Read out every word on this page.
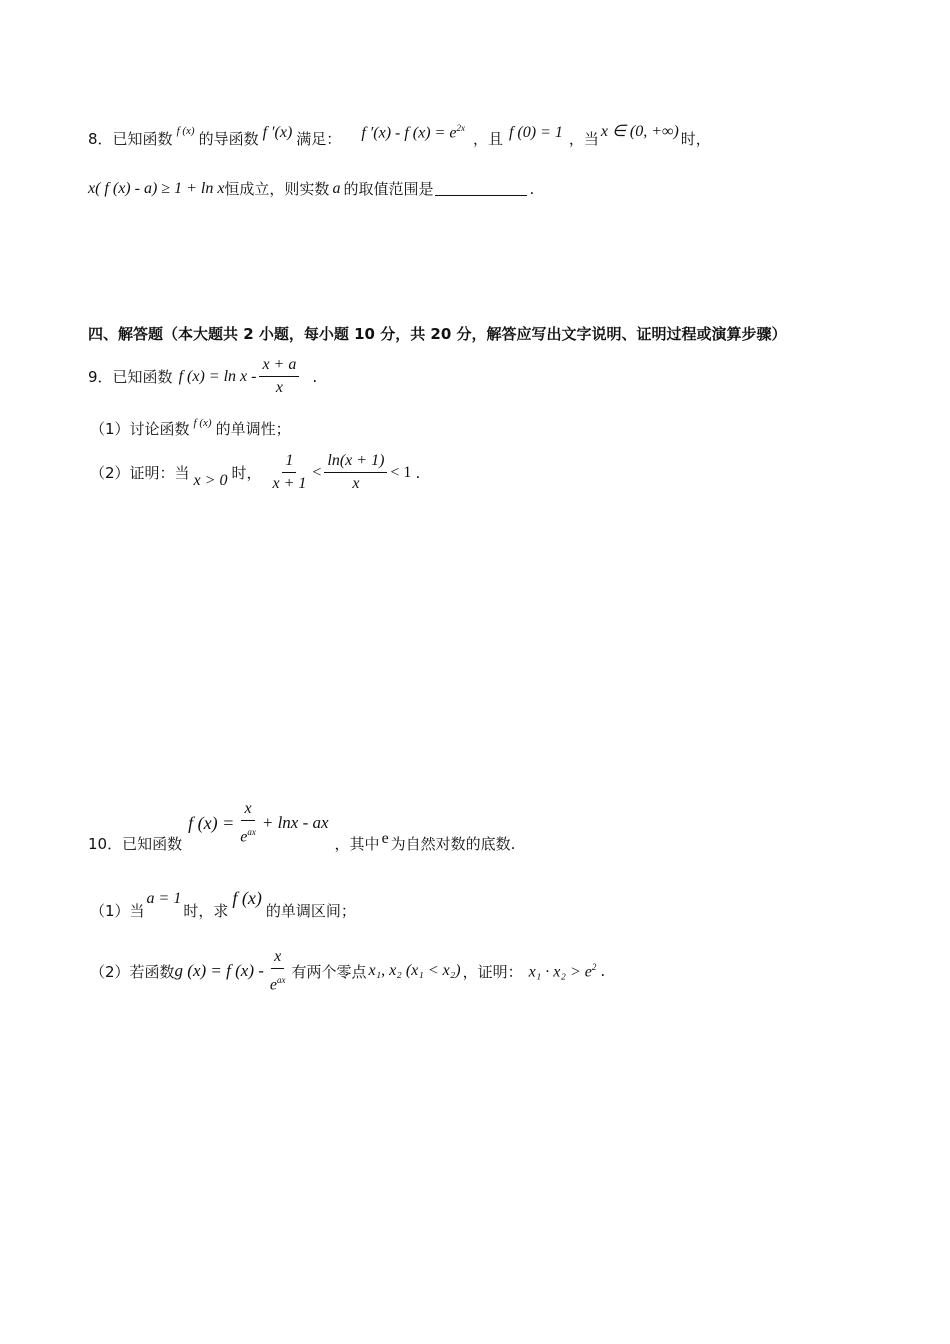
8． 已知函数 f (x) 的导函数 f ′(x) 满足： f ′(x) - f $(x) = e^{2x}$
，且 f (0) = 1 ，当 x ∈ (0, +∞) 时，
x( f (x) - a) ≥ 1 + ln x 恒成立，则实数 a 的取值范围是	.
四、解答题（本大题共 2 小题，每小题 10 分，共 20 分，解答应写出文字说明、证明过程或演算步骤）
9． 已知函数 f $(x) = \ln x - \frac{x + a}{x}$ .
（1）讨论函数 f (x) 的单调性；
（2）证明：当 x > 0 时， $\frac{1}{x + 1} < \frac{\ln(x + 1)}{x} < 1$ .
10． 已知函数
f $(x) = \frac{x}{e^{ax}} + \ln x$ - ax
，其中 e 为自然对数的底数.
（1）当
a = 1
时，求
f (x)
的单调区间；
（2）若函数 g (x) = f $(x) - \frac{x}{e^{ax}}$ 有两个零点 x₁, x₂ (x₁ < x₂) ，证明： $x_1 \cdot x_2 > e^2$ .
